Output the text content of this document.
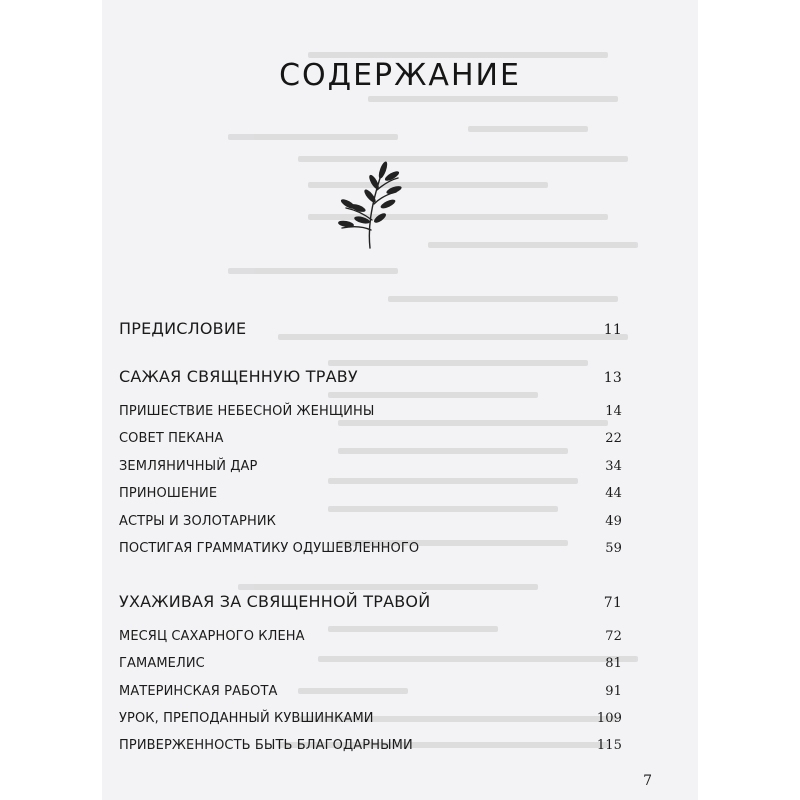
СОДЕРЖАНИЕ
ПРЕДИСЛОВИЕ	11
САЖАЯ СВЯЩЕННУЮ ТРАВУ	13
ПРИШЕСТВИЕ НЕБЕСНОЙ ЖЕНЩИНЫ	14
СОВЕТ ПЕКАНА	22
ЗЕМЛЯНИЧНЫЙ ДАР	34
ПРИНОШЕНИЕ	44
АСТРЫ И ЗОЛОТАРНИК	49
ПОСТИГАЯ ГРАММАТИКУ ОДУШЕВЛЕННОГО	59
УХАЖИВАЯ ЗА СВЯЩЕННОЙ ТРАВОЙ	71
МЕСЯЦ САХАРНОГО КЛЕНА	72
ГАМАМЕЛИС	81
МАТЕРИНСКАЯ РАБОТА	91
УРОК, ПРЕПОДАННЫЙ КУВШИНКАМИ	109
ПРИВЕРЖЕННОСТЬ БЫТЬ БЛАГОДАРНЫМИ	115
7
